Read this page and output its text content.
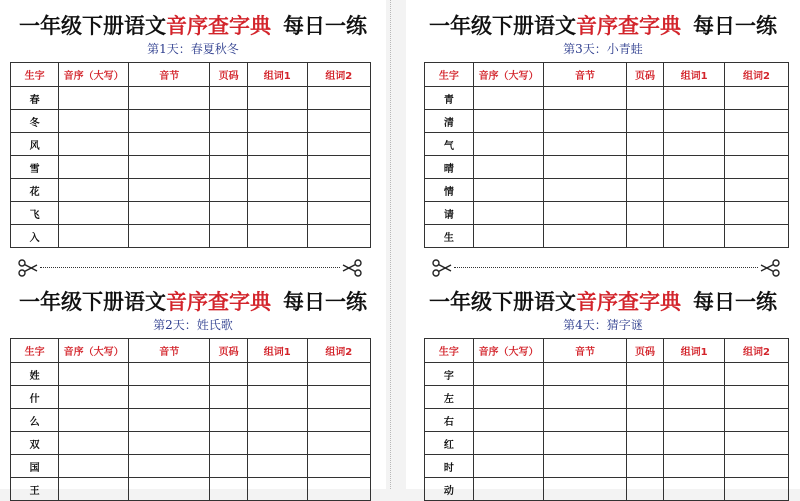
一年级下册语文音序查字典 每日一练
第1天：春夏秋冬
生字	音序（大写）	音节	页码	组词1	组词2
春					
冬					
风					
雪					
花					
飞					
入					
一年级下册语文音序查字典 每日一练
第2天：姓氏歌
生字	音序（大写）	音节	页码	组词1	组词2
姓					
什					
么					
双					
国					
王					
一年级下册语文音序查字典 每日一练
第3天：小青蛙
生字	音序（大写）	音节	页码	组词1	组词2
青					
清					
气					
晴					
情					
请					
生					
一年级下册语文音序查字典 每日一练
第4天：猜字谜
生字	音序（大写）	音节	页码	组词1	组词2
字					
左					
右					
红					
时					
动					
